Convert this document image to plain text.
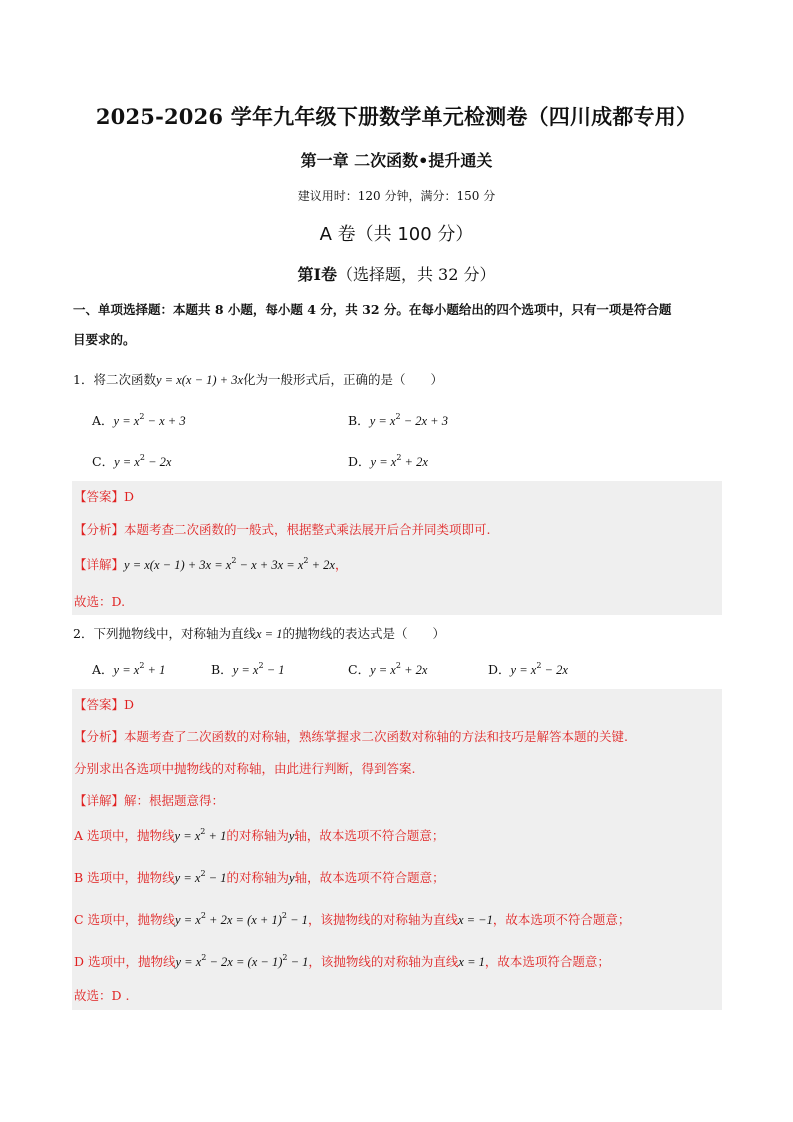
2025-2026 学年九年级下册数学单元检测卷（四川成都专用）
第一章 二次函数•提升通关
建议用时：120 分钟，满分：150 分
A 卷（共 100 分）
第Ⅰ卷（选择题，共 32 分）
一、单项选择题：本题共 8 小题，每小题 4 分，共 32 分。在每小题给出的四个选项中，只有一项是符合题
目要求的。
1．将二次函数y = x(x − 1) + 3x化为一般形式后，正确的是（　　）
A．$y = x^2 - x + 3$	B．$y = x^2 - 2x + 3$
C．$y = x^2 - 2x$	D．$y = x^2 + 2x$
【答案】D
【分析】本题考查二次函数的一般式，根据整式乘法展开后合并同类项即可.
【详解】$y = x(x - 1) + 3x = x^2 - x + 3x = x^2 + 2x$，
故选：D.
2．下列抛物线中，对称轴为直线x = 1的抛物线的表达式是（　　）
A．$y = x^2 + 1$	B．$y = x^2 - 1$	C．$y = x^2 + 2x$	D．$y = x^2 - 2x$
【答案】D
【分析】本题考查了二次函数的对称轴，熟练掌握求二次函数对称轴的方法和技巧是解答本题的关键.
分别求出各选项中抛物线的对称轴，由此进行判断，得到答案.
【详解】解：根据题意得：
A 选项中，抛物线$y = x^2 + 1$的对称轴为y轴，故本选项不符合题意；
B 选项中，抛物线$y = x^2 - 1$的对称轴为y轴，故本选项不符合题意；
C 选项中，抛物线$y = x^2 + 2x = (x + 1)^2 - 1$，该抛物线的对称轴为直线x = −1，故本选项不符合题意；
D 选项中，抛物线$y = x^2 - 2x = (x - 1)^2 - 1$，该抛物线的对称轴为直线x = 1，故本选项符合题意；
故选：D .
